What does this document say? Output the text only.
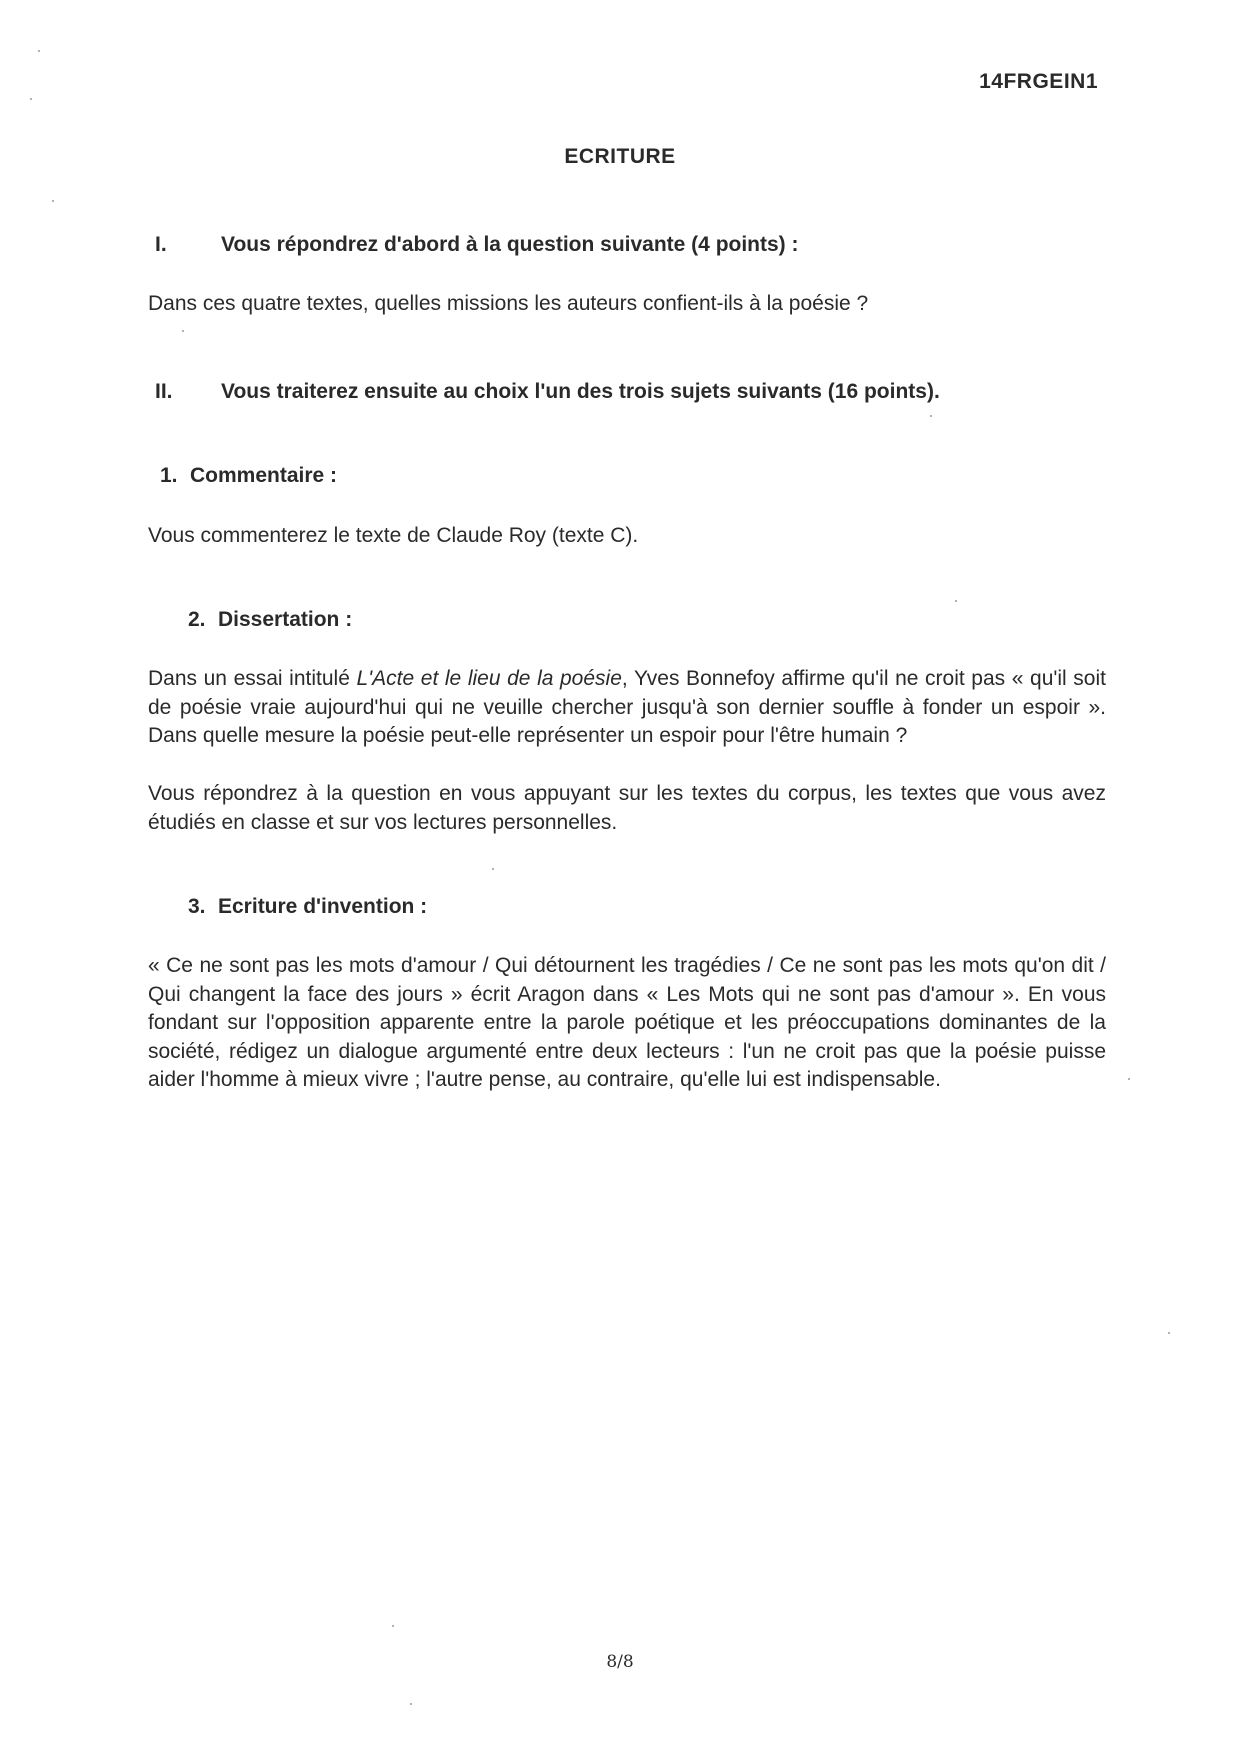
14FRGEIN1
ECRITURE
I.	Vous répondrez d'abord à la question suivante (4 points) :
Dans ces quatre textes, quelles missions les auteurs confient-ils à la poésie ?
II. Vous traiterez ensuite au choix l'un des trois sujets suivants (16 points).
1. Commentaire :
Vous commenterez le texte de Claude Roy (texte C).
2. Dissertation :
Dans un essai intitulé L'Acte et le lieu de la poésie, Yves Bonnefoy affirme qu'il ne croit pas « qu'il soit de poésie vraie aujourd'hui qui ne veuille chercher jusqu'à son dernier souffle à fonder un espoir ». Dans quelle mesure la poésie peut-elle représenter un espoir pour l'être humain ?
Vous répondrez à la question en vous appuyant sur les textes du corpus, les textes que vous avez étudiés en classe et sur vos lectures personnelles.
3. Ecriture d'invention :
« Ce ne sont pas les mots d'amour / Qui détournent les tragédies / Ce ne sont pas les mots qu'on dit / Qui changent la face des jours » écrit Aragon dans « Les Mots qui ne sont pas d'amour ». En vous fondant sur l'opposition apparente entre la parole poétique et les préoccupations dominantes de la société, rédigez un dialogue argumenté entre deux lecteurs : l'un ne croit pas que la poésie puisse aider l'homme à mieux vivre ; l'autre pense, au contraire, qu'elle lui est indispensable.
8/8
